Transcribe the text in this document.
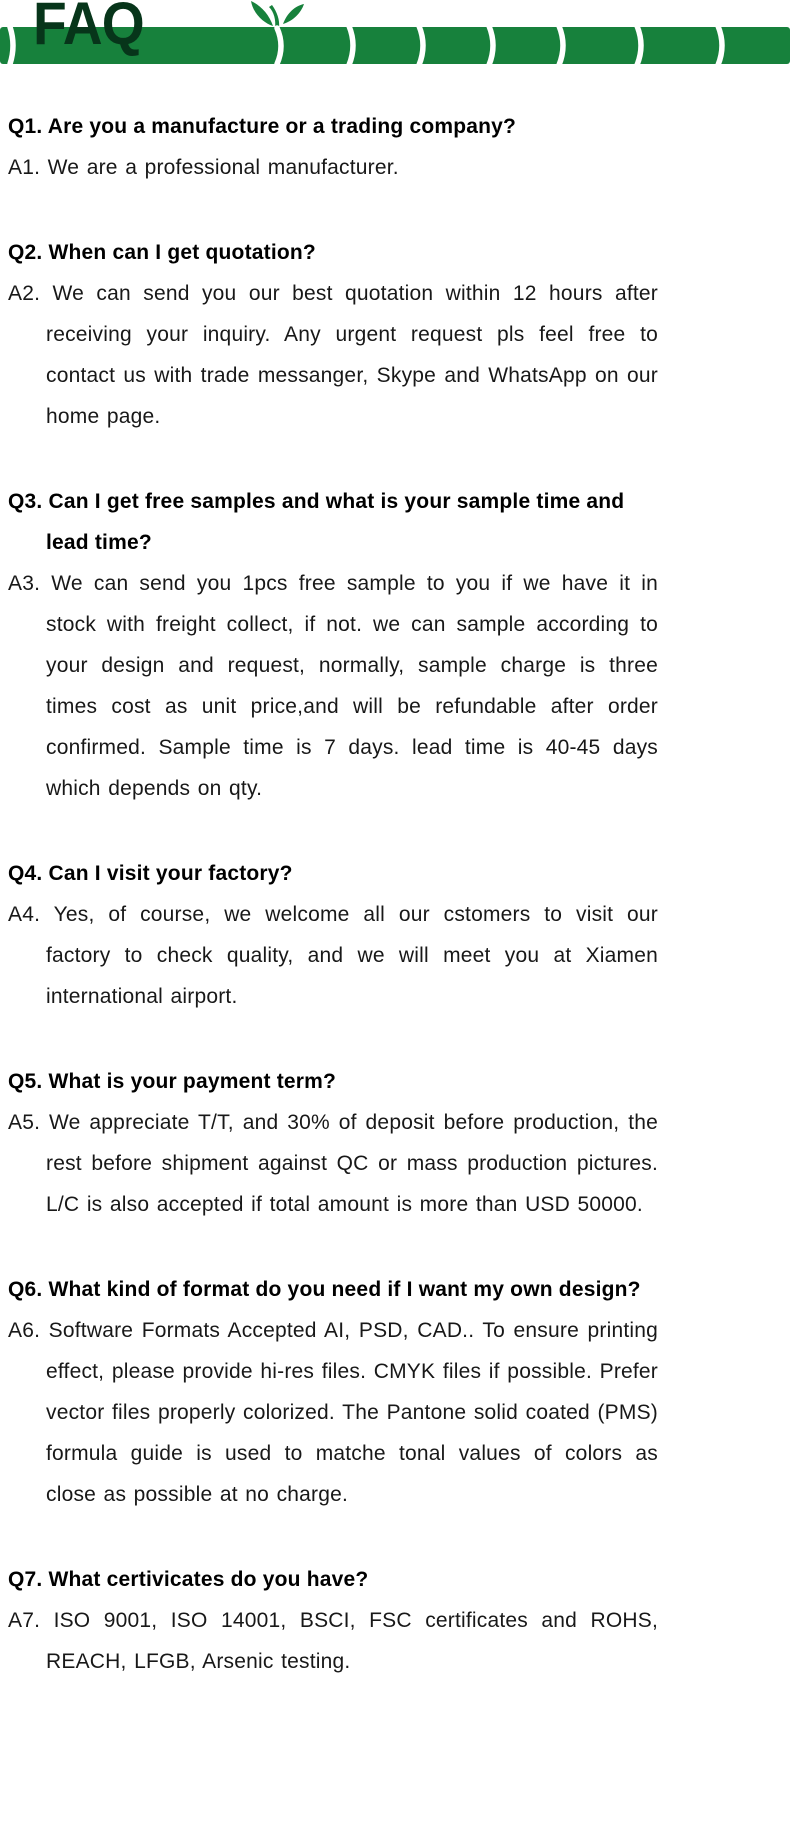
FAQ
Q1. Are you a manufacture or a trading company?
A1. We are a professional manufacturer.
Q2. When can I get quotation?
A2. We can send you our best quotation within 12 hours after receiving your inquiry. Any urgent request pls feel free to contact us with trade messanger, Skype and WhatsApp on our home page.
Q3. Can I get free samples and what is your sample time and lead time?
A3. We can send you 1pcs free sample to you if we have it in stock with freight collect, if not. we can sample according to your design and request, normally, sample charge is three times cost as unit price,and will be refundable after order confirmed. Sample time is 7 days. lead time is 40-45 days which depends on qty.
Q4. Can I visit your factory?
A4. Yes, of course, we welcome all our cstomers to visit our factory to check quality, and we will meet you at Xiamen international airport.
Q5. What is your payment term?
A5. We appreciate T/T, and 30% of deposit before production, the rest before shipment against QC or mass production pictures. L/C is also accepted if total amount is more than USD 50000.
Q6. What kind of format do you need if I want my own design?
A6. Software Formats Accepted AI, PSD, CAD.. To ensure printing effect, please provide hi-res files. CMYK files if possible. Prefer vector files properly colorized. The Pantone solid coated (PMS) formula guide is used to matche tonal values of colors as close as possible at no charge.
Q7. What certivicates do you have?
A7. ISO 9001, ISO 14001, BSCI, FSC certificates and ROHS, REACH, LFGB, Arsenic testing.
